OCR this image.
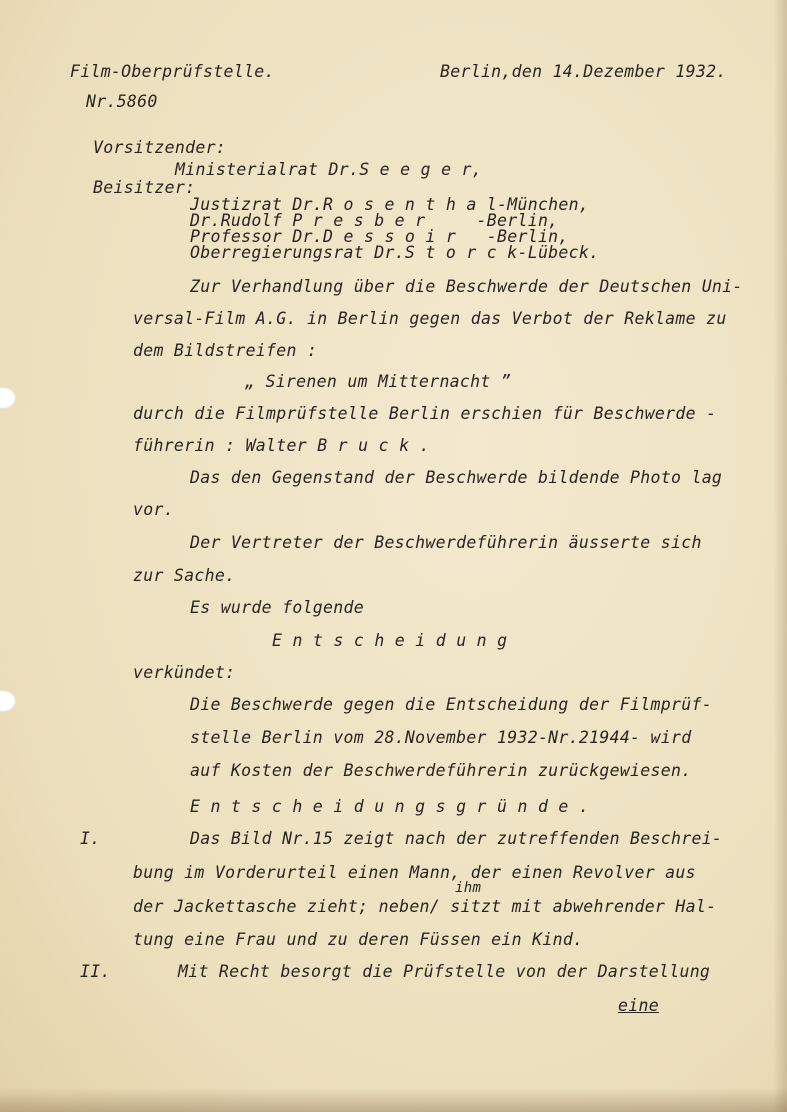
Film-Oberprüfstelle.	Berlin,den 14.Dezember 1932.
Nr.5860
Vorsitzender:
Ministerialrat Dr.S e e g e r,
Beisitzer:
Justizrat Dr.R o s e n t h a l-München,
Dr.Rudolf P r e s b e r     -Berlin,
Professor Dr.D e s s o i r   -Berlin,
Oberregierungsrat Dr.S t o r c k-Lübeck.
Zur Verhandlung über die Beschwerde der Deutschen Uni-
versal-Film A.G. in Berlin gegen das Verbot der Reklame zu
dem Bildstreifen :
„ Sirenen um Mitternacht ”
durch die Filmprüfstelle Berlin erschien für Beschwerde -
führerin : Walter B r u c k .
Das den Gegenstand der Beschwerde bildende Photo lag
vor.
Der Vertreter der Beschwerdeführerin äusserte sich
zur Sache.
Es wurde folgende
E n t s c h e i d u n g
verkündet:
Die Beschwerde gegen die Entscheidung der Filmprüf-
stelle Berlin vom 28.November 1932-Nr.21944- wird
auf Kosten der Beschwerdeführerin zurückgewiesen.
E n t s c h e i d u n g s g r ü n d e .
I.	Das Bild Nr.15 zeigt nach der zutreffenden Beschrei-
bung im Vorderurteil einen Mann, der einen Revolver aus
ihm
der Jackettasche zieht; neben/ sitzt mit abwehrender Hal-
tung eine Frau und zu deren Füssen ein Kind.
II.	Mit Recht besorgt die Prüfstelle von der Darstellung
eine
